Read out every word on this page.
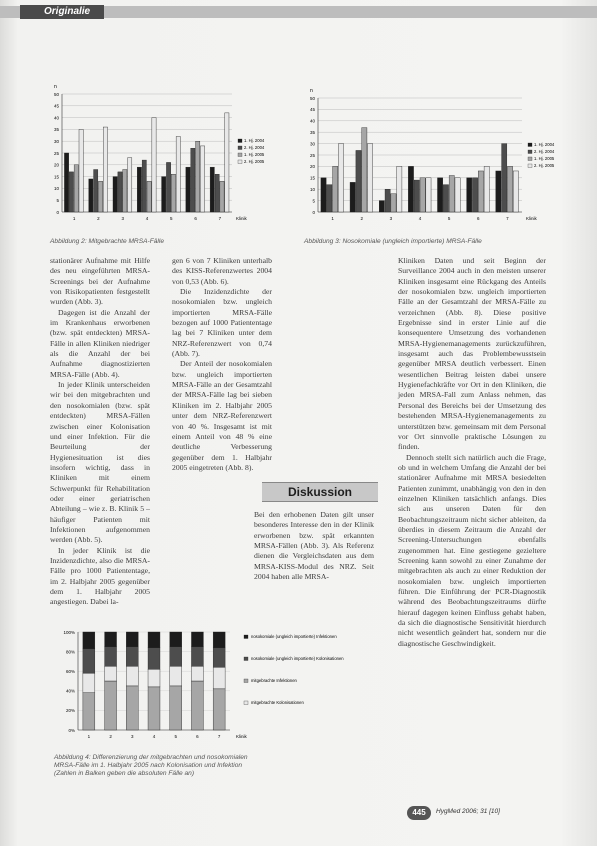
Originalie
n
0
5
10
15
20
25
30
35
40
45
50
1	2	3	4	5	6	7	Klinik
1. Hj. 2004
2. Hj. 2004
1. Hj. 2005
2. Hj. 2005
Abbildung 2: Mitgebrachte MRSA-Fälle
n
0
5
10
15
20
25
30
35
40
45
50
1	2	3	4	5	6	7	Klinik
1. Hj. 2004
2. Hj. 2004
1. Hj. 2005
2. Hj. 2005
Abbildung 3: Nosokomiale (ungleich importierte) MRSA-Fälle

stationärer Aufnahme mit Hilfe des neu eingeführten MRSA-Screenings bei der Aufnahme von Risikopatienten festgestellt wurden (Abb. 3).

Dagegen ist die Anzahl der im Krankenhaus erworbenen (bzw. spät entdeckten) MRSA-Fälle in allen Kliniken niedriger als die Anzahl der bei Aufnahme diagnostizierten MRSA-Fälle (Abb. 4).

In jeder Klinik unterscheiden wir bei den mitgebrachten und den nosokomialen (bzw. spät entdeckten) MRSA-Fällen zwischen einer Kolonisation und einer Infektion. Für die Beurteilung der Hygienesituation ist dies insofern wichtig, dass in Kliniken mit einem Schwerpunkt für Rehabilitation oder einer geriatrischen Abteilung – wie z. B. Klinik 5 – häufiger Patienten mit Infektionen aufgenommen werden (Abb. 5).

In jeder Klinik ist die Inzidenzdichte, also die MRSA-Fälle pro 1000 Patiententage, im 2. Halbjahr 2005 gegenüber dem 1. Halbjahr 2005 angestiegen. Dabei la-

gen 6 von 7 Kliniken unterhalb des KISS-Referenzwertes 2004 von 0,53 (Abb. 6).

Die Inzidenzdichte der nosokomialen bzw. ungleich importierten MRSA-Fälle bezogen auf 1000 Patiententage lag bei 7 Kliniken unter dem NRZ-Referenzwert von 0,74 (Abb. 7).

Der Anteil der nosokomialen bzw. ungleich importierten MRSA-Fälle an der Gesamtzahl der MRSA-Fälle lag bei sieben Kliniken im 2. Halbjahr 2005 unter dem NRZ-Referenzwert von 40 %. Insgesamt ist mit einem Anteil von 48 % eine deutliche Verbesserung gegenüber dem 1. Halbjahr 2005 eingetreten (Abb. 8).

Diskussion

Bei den erhobenen Daten gilt unser besonderes Interesse den in der Klinik erworbenen bzw. spät erkannten MRSA-Fällen (Abb. 3). Als Referenz dienen die Vergleichsdaten aus dem MRSA-KISS-Modul des NRZ. Seit 2004 haben alle MRSA-

Kliniken Daten und seit Beginn der Surveillance 2004 auch in den meisten unserer Kliniken insgesamt eine Rückgang des Anteils der nosokomialen bzw. ungleich importierten Fälle an der Gesamtzahl der MRSA-Fälle zu verzeichnen (Abb. 8). Diese positive Ergebnisse sind in erster Linie auf die konsequentere Umsetzung des vorhandenen MRSA-Hygienemanagements zurückzuführen, insgesamt auch das Problembewusstsein gegenüber MRSA deutlich verbessert. Einen wesentlichen Beitrag leisten dabei unsere Hygienefachkräfte vor Ort in den Kliniken, die jeden MRSA-Fall zum Anlass nehmen, das Personal des Bereichs bei der Umsetzung des bestehenden MRSA-Hygienemanagements zu unterstützen bzw. gemeinsam mit dem Personal vor Ort sinnvolle praktische Lösungen zu finden.

Dennoch stellt sich natürlich auch die Frage, ob und in welchem Umfang die Anzahl der bei stationärer Aufnahme mit MRSA besiedelten Patienten zunimmt, unabhängig von den in den einzelnen Kliniken tatsächlich anfangs. Dies sich aus unseren Daten für den Beobachtungszeitraum nicht sicher ableiten, da überdies in diesem Zeitraum die Anzahl der Screening-Untersuchungen ebenfalls zugenommen hat. Eine gestiegene gezieltere Screening kann sowohl zu einer Zunahme der mitgebrachten als auch zu einer Reduktion der nosokomialen bzw. ungleich importierten führen. Die Einführung der PCR-Diagnostik während des Beobachtungszeitraums dürfte hierauf dagegen keinen Einfluss gehabt haben, da sich die diagnostische Sensitivität hierdurch nicht wesentlich geändert hat, sondern nur die diagnostische Geschwindigkeit.

0%
20%
40%
60%
80%
100%
1	2	3	4	5	6	7	Klinik
nosokomiale (ungleich importierte) Infektionen
nosokomiale (ungleich importierte) Kolonisationen
mitgebrachte Infektionen
mitgebrachte Kolonisationen
Abbildung 4: Differenzierung der mitgebrachten und nosokomialen MRSA-Fälle im 1. Halbjahr 2005 nach Kolonisation und Infektion (Zahlen in Balken geben die absoluten Fälle an)
445	HygMed 2006; 31 [10]
